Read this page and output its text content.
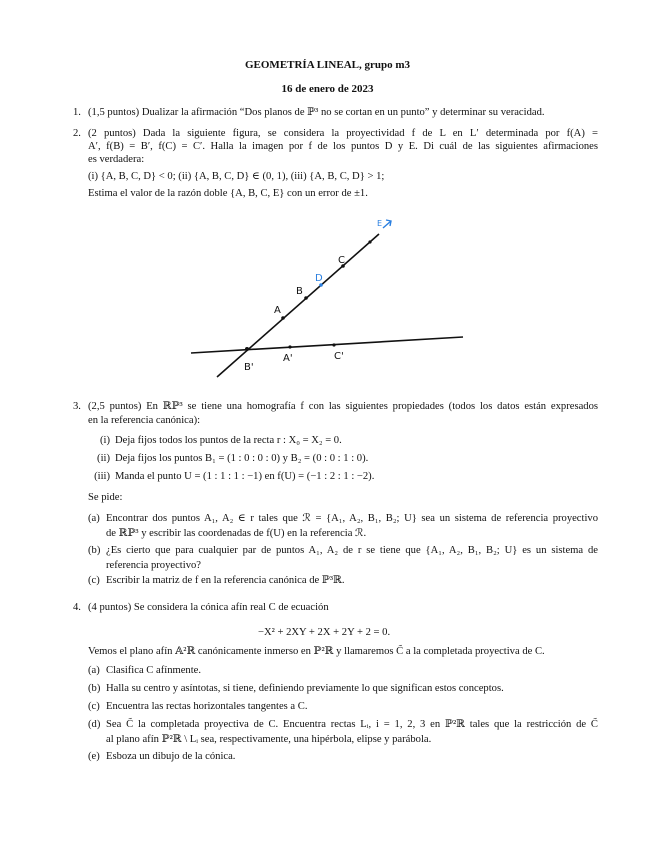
GEOMETRÍA LINEAL, grupo m3
16 de enero de 2023
1. (1,5 puntos) Dualizar la afirmación “Dos planos de ℙ³ no se cortan en un punto” y determinar su veracidad.
2. (2 puntos) Dada la siguiente figura, se considera la proyectividad f de L en L′ determinada por f(A) =
A′, f(B) = B′, f(C) = C′. Halla la imagen por f de los puntos D y E. Di cuál de las siguientes afirmaciones
es verdadera:
(i) {A, B, C, D} < 0; (ii) {A, B, C, D} ∈ (0, 1), (iii) {A, B, C, D} > 1;
Estima el valor de la razón doble {A, B, C, E} con un error de ±1.
A
B
C
B'
A'	C'
D
E
3. (2,5 puntos) En ℝℙ³ se tiene una homografía f con las siguientes propiedades (todos los datos están expresados
en la referencia canónica):
(i) Deja fijos todos los puntos de la recta r : X₀ = X₂ = 0.
(ii) Deja fijos los puntos B₁ = (1 : 0 : 0 : 0) y B₂ = (0 : 0 : 1 : 0).
(iii) Manda el punto U = (1 : 1 : 1 : −1) en f(U) = (−1 : 2 : 1 : −2).
Se pide:
(a) Encontrar dos puntos A₁, A₂ ∈ r tales que ℛ = {A₁, A₂, B₁, B₂; U} sea un sistema de referencia proyectivo
de ℝℙ³ y escribir las coordenadas de f(U) en la referencia ℛ.
(b) ¿Es cierto que para cualquier par de puntos A₁, A₂ de r se tiene que {A₁, A₂, B₁, B₂; U} es un sistema de
referencia proyectivo?
(c) Escribir la matriz de f en la referencia canónica de ℙ³ℝ.
4. (4 puntos) Se considera la cónica afín real C de ecuación
−X² + 2XY + 2X + 2Y + 2 = 0.
Vemos el plano afín 𝔸²ℝ canónicamente inmerso en ℙ²ℝ y llamaremos C̃ a la completada proyectiva de C.
(a) Clasifica C afínmente.
(b) Halla su centro y asíntotas, si tiene, definiendo previamente lo que significan estos conceptos.
(c) Encuentra las rectas horizontales tangentes a C.
(d) Sea C̃ la completada proyectiva de C. Encuentra rectas Lᵢ, i = 1, 2, 3 en ℙ²ℝ tales que la restricción de C̃
al plano afín ℙ²ℝ \ Lᵢ sea, respectivamente, una hipérbola, elipse y parábola.
(e) Esboza un dibujo de la cónica.
